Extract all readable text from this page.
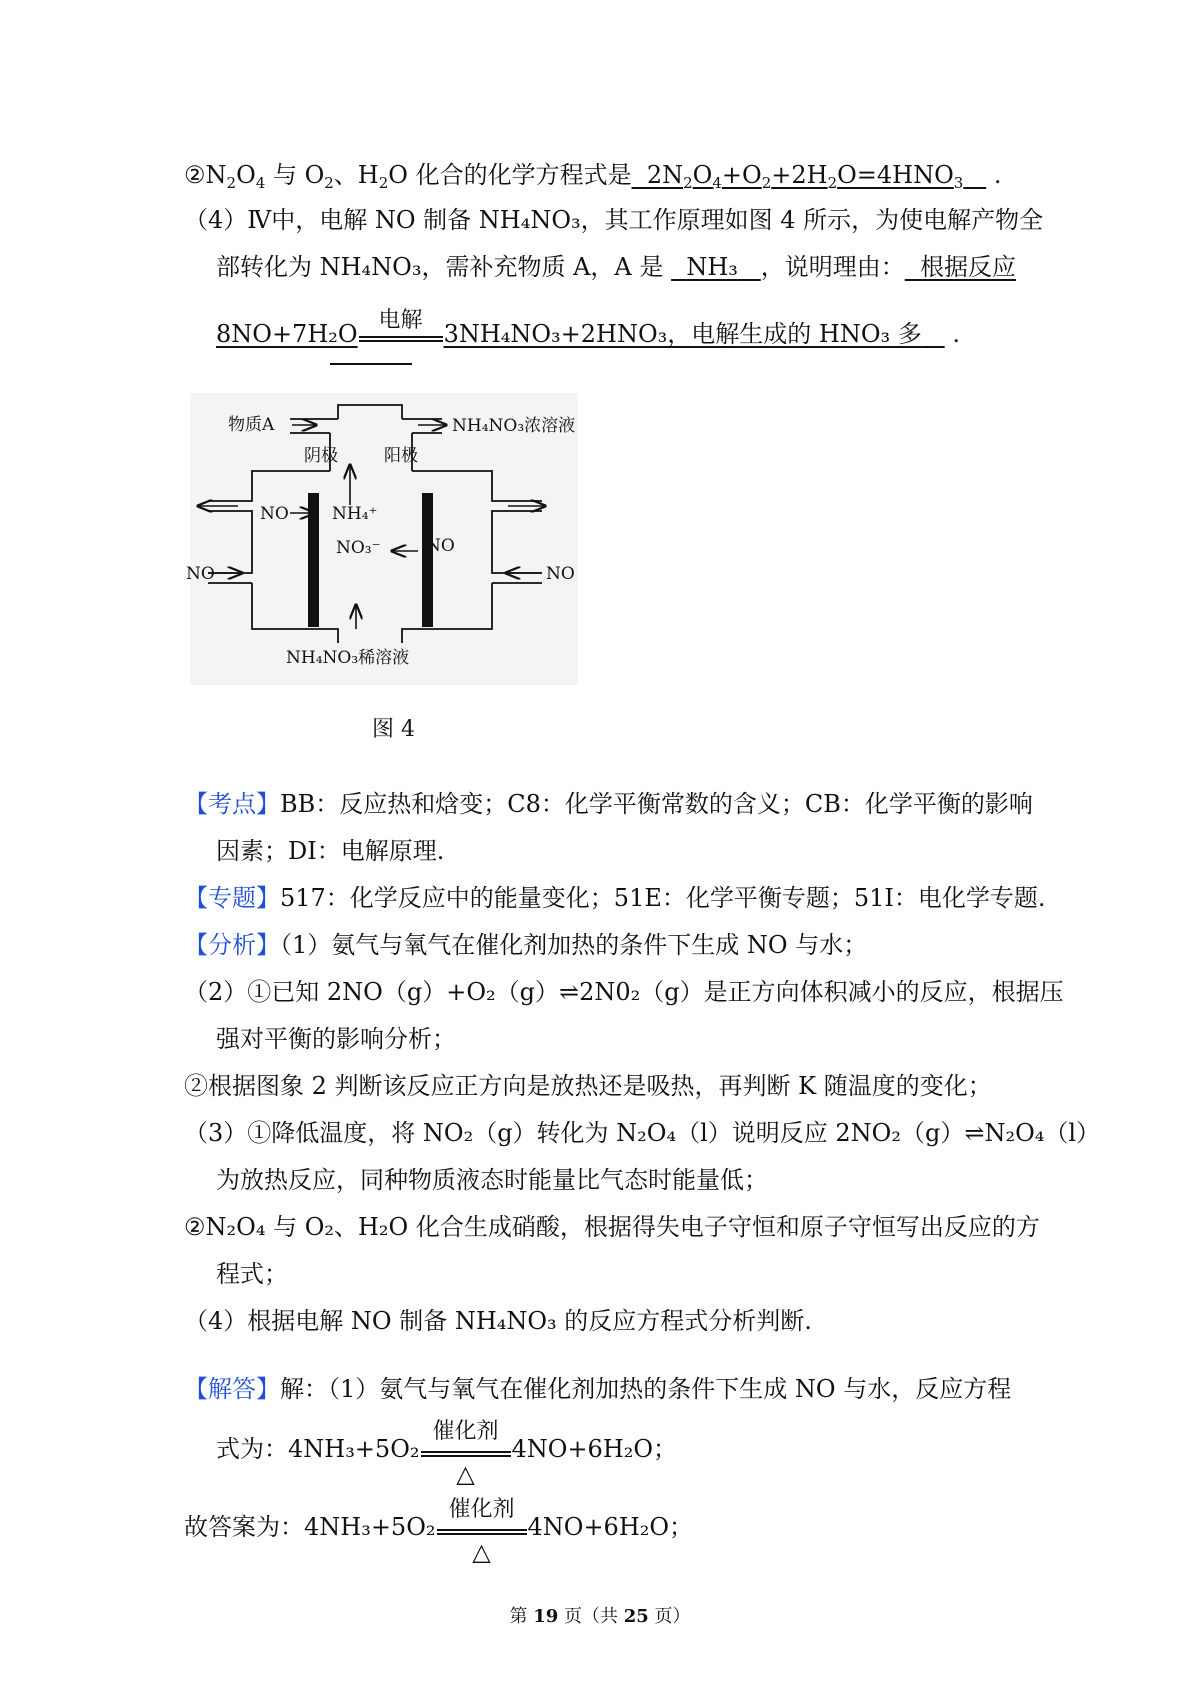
$②N_2O_4$ 与 $O_2$、$H_2O$ 化合的化学方程式是  $2N_2O_4+O_2+2H_2O=4HNO_3$    .
（4）Ⅳ中，电解 NO 制备 NH₄NO₃，其工作原理如图 4 所示，为使电解产物全
部转化为 NH₄NO₃，需补充物质 A，A 是 NH₃ ，说明理由： 根据反应
8NO+7H₂O 电解 3NH₄NO₃+2HNO₃，电解生成的 HNO₃ 多 .
物质A	NH₄NO₃浓溶液
阴极	阳极
NO	NO
NO	NH₄⁺
NO₃⁻	NO
NH₄NO₃稀溶液
图 4
【考点】BB：反应热和焓变；C8：化学平衡常数的含义；CB：化学平衡的影响
因素；DI：电解原理.
【专题】517：化学反应中的能量变化；51E：化学平衡专题；51I：电化学专题.
【分析】（1）氨气与氧气在催化剂加热的条件下生成 NO 与水；
（2）①已知 2NO（g）+O₂（g）⇌2N0₂（g）是正方向体积减小的反应，根据压
强对平衡的影响分析；
②根据图象 2 判断该反应正方向是放热还是吸热，再判断 K 随温度的变化；
（3）①降低温度，将 NO₂（g）转化为 N₂O₄（l）说明反应 2NO₂（g）⇌N₂O₄（l）
为放热反应，同种物质液态时能量比气态时能量低；
②N₂O₄ 与 O₂、H₂O 化合生成硝酸，根据得失电子守恒和原子守恒写出反应的方
程式；
（4）根据电解 NO 制备 NH₄NO₃ 的反应方程式分析判断.
【解答】解：（1）氨气与氧气在催化剂加热的条件下生成 NO 与水，反应方程
式为：4NH₃+5O₂
催化剂
△
4NO+6H₂O；
故答案为：4NH₃+5O₂
催化剂
△
4NO+6H₂O；
第 19 页（共 25 页）
